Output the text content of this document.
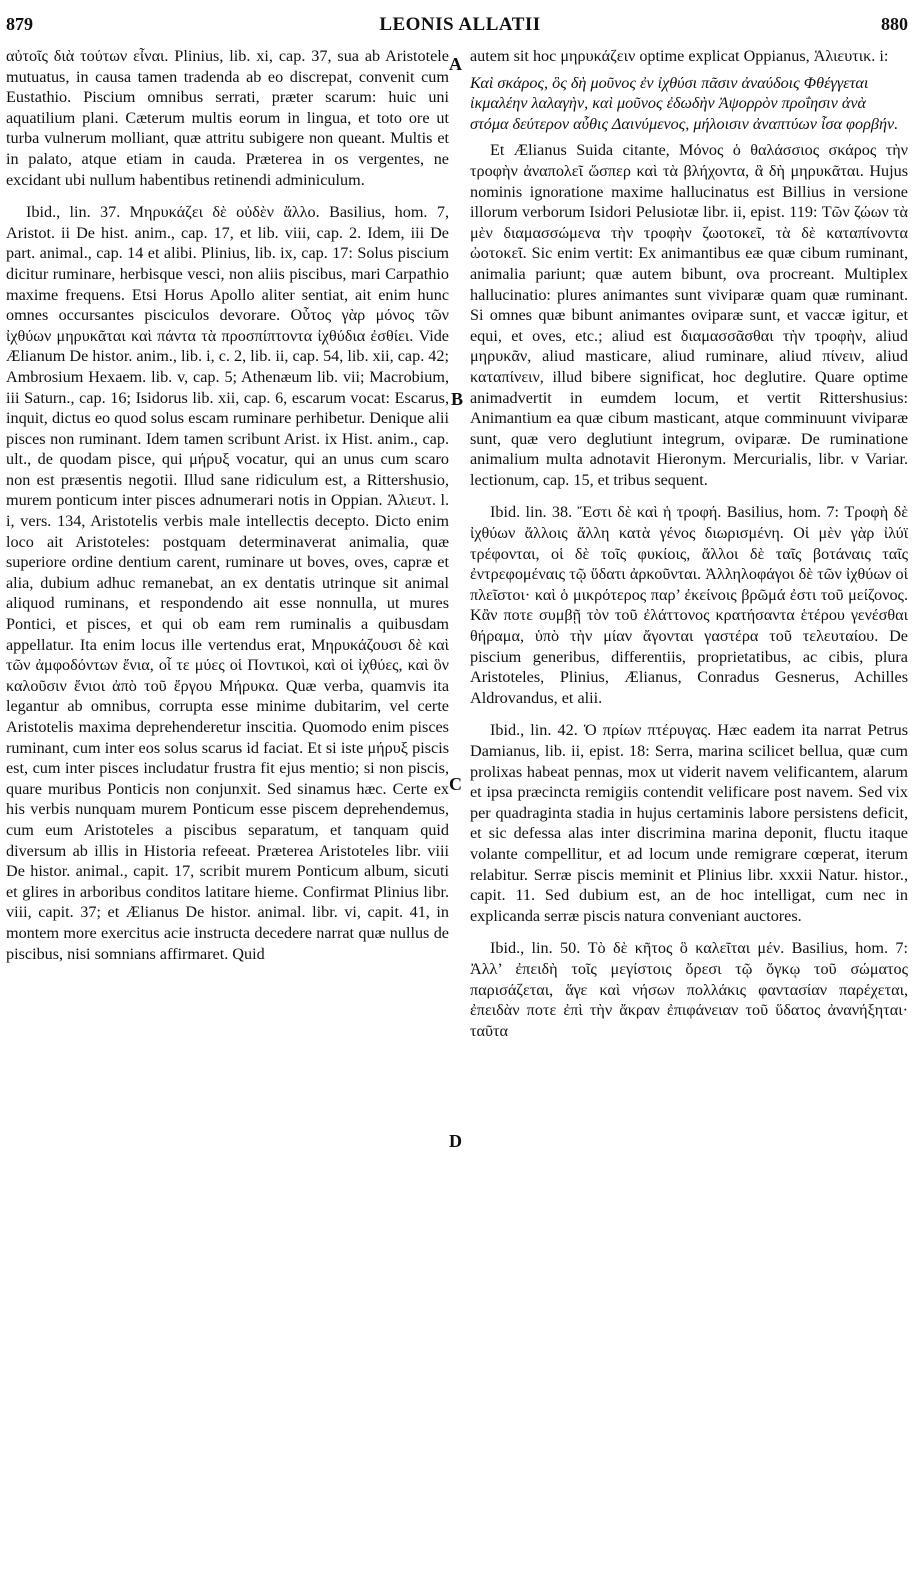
879	LEONIS ALLATII	880
A
B
C
D

αὐτοῖς διὰ τούτων εἶναι. Plinius, lib. xi, cap. 37, sua ab Aristotele mutuatus, in causa tamen tradenda ab eo discrepat, convenit cum Eustathio. Piscium omnibus serrati, præter scarum: huic uni aquatilium plani. Cæterum multis eorum in lingua, et toto ore ut turba vulnerum molliant, quæ attritu subigere non queant. Multis et in palato, atque etiam in cauda. Præterea in os vergentes, ne excidant ubi nullum habentibus retinendi adminiculum.

Ibid., lin. 37. Μηρυκάζει δὲ οὐδὲν ἄλλο. Basilius, hom. 7, Aristot. ii De hist. anim., cap. 17, et lib. viii, cap. 2. Idem, iii De part. animal., cap. 14 et alibi. Plinius, lib. ix, cap. 17: Solus piscium dicitur ruminare, herbisque vesci, non aliis piscibus, mari Carpathio maxime frequens. Etsi Horus Apollo aliter sentiat, ait enim hunc omnes occursantes pisciculos devorare. Οὗτος γὰρ μόνος τῶν ἰχθύων μηρυκᾶται καὶ πάντα τὰ προσπίπτοντα ἰχθύδια ἐσθίει. Vide Ælianum De histor. anim., lib. i, c. 2, lib. ii, cap. 54, lib. xii, cap. 42; Ambrosium Hexaem. lib. v, cap. 5; Athenæum lib. vii; Macrobium, iii Saturn., cap. 16; Isidorus lib. xii, cap. 6, escarum vocat: Escarus, inquit, dictus eo quod solus escam ruminare perhibetur. Denique alii pisces non ruminant. Idem tamen scribunt Arist. ix Hist. anim., cap. ult., de quodam pisce, qui μήρυξ vocatur, qui an unus cum scaro non est præsentis negotii. Illud sane ridiculum est, a Rittershusio, murem ponticum inter pisces adnumerari notis in Oppian. Ἁλιευτ. l. i, vers. 134, Aristotelis verbis male intellectis decepto. Dicto enim loco ait Aristoteles: postquam determinaverat animalia, quæ superiore ordine dentium carent, ruminare ut boves, oves, capræ et alia, dubium adhuc remanebat, an ex dentatis utrinque sit animal aliquod ruminans, et respondendo ait esse nonnulla, ut mures Pontici, et pisces, et qui ob eam rem ruminalis a quibusdam appellatur. Ita enim locus ille vertendus erat, Μηρυκάζουσι δὲ καὶ τῶν ἀμφοδόντων ἔνια, οἷ τε μύες οἱ Ποντικοὶ, καὶ οἱ ἰχθύες, καὶ ὃν καλοῦσιν ἔνιοι ἀπὸ τοῦ ἔργου Μήρυκα. Quæ verba, quamvis ita legantur ab omnibus, corrupta esse minime dubitarim, vel certe Aristotelis maxima deprehenderetur inscitia. Quomodo enim pisces ruminant, cum inter eos solus scarus id faciat. Et si iste μήρυξ piscis est, cum inter pisces includatur frustra fit ejus mentio; si non piscis, quare muribus Ponticis non conjunxit. Sed sinamus hæc. Certe ex his verbis nunquam murem Ponticum esse piscem deprehendemus, cum eum Aristoteles a piscibus separatum, et tanquam quid diversum ab illis in Historia refeeat. Præterea Aristoteles libr. viii De histor. animal., capit. 17, scribit murem Ponticum album, sicuti et glires in arboribus conditos latitare hieme. Confirmat Plinius libr. viii, capit. 37; et Ælianus De histor. animal. libr. vi, capit. 41, in montem more exercitus acie instructa decedere narrat quæ nullus de piscibus, nisi somnians affirmaret. Quid

autem sit hoc μηρυκάζειν optime explicat Oppianus, Ἁλιευτικ. i:

Καὶ σκάρος, ὃς δὴ μοῦνος ἐν ἰχθύσι πᾶσιν ἀναύδοις Φθέγγεται ἰκμαλέην λαλαγὴν, καὶ μοῦνος ἐδωδὴν Ἀψορρὸν προΐησιν ἀνὰ στόμα δεύτερον αὖθις Δαινύμενος, μήλοισιν ἀναπτύων ἶσα φορβήν.

Et Ælianus Suida citante, Μόνος ὁ θαλάσσιος σκάρος τὴν τροφὴν ἀναπολεῖ ὥσπερ καὶ τὰ βλήχοντα, ἃ δὴ μηρυκᾶται. Hujus nominis ignoratione maxime hallucinatus est Billius in versione illorum verborum Isidori Pelusiotæ libr. ii, epist. 119: Τῶν ζώων τὰ μὲν διαμασσώμενα τὴν τροφὴν ζωοτοκεῖ, τὰ δὲ καταπίνοντα ὠοτοκεῖ. Sic enim vertit: Ex animantibus eæ quæ cibum ruminant, animalia pariunt; quæ autem bibunt, ova procreant. Multiplex hallucinatio: plures animantes sunt viviparæ quam quæ ruminant. Si omnes quæ bibunt animantes oviparæ sunt, et vaccæ igitur, et equi, et oves, etc.; aliud est διαμασσᾶσθαι τὴν τροφὴν, aliud μηρυκᾶν, aliud masticare, aliud ruminare, aliud πίνειν, aliud καταπίνειν, illud bibere significat, hoc deglutire. Quare optime animadvertit in eumdem locum, et vertit Rittershusius: Animantium ea quæ cibum masticant, atque comminuunt viviparæ sunt, quæ vero deglutiunt integrum, oviparæ. De ruminatione animalium multa adnotavit Hieronym. Mercurialis, libr. v Variar. lectionum, cap. 15, et tribus sequent.

Ibid. lin. 38. Ἔστι δὲ καὶ ἡ τροφή. Basilius, hom. 7: Τροφὴ δὲ ἰχθύων ἄλλοις ἄλλη κατὰ γένος διωρισμένη. Οἱ μὲν γὰρ ἰλύϊ τρέφονται, οἱ δὲ τοῖς φυκίοις, ἄλλοι δὲ ταῖς βοτάναις ταῖς ἐντρεφομέναις τῷ ὕδατι ἀρκοῦνται. Ἀλληλοφάγοι δὲ τῶν ἰχθύων οἱ πλεῖστοι· καὶ ὁ μικρότερος παρ’ ἐκείνοις βρῶμά ἐστι τοῦ μείζονος. Κἂν ποτε συμβῇ τὸν τοῦ ἐλάττονος κρατήσαντα ἑτέρου γενέσθαι θήραμα, ὑπὸ τὴν μίαν ἄγονται γαστέρα τοῦ τελευταίου. De piscium generibus, differentiis, proprietatibus, ac cibis, plura Aristoteles, Plinius, Ælianus, Conradus Gesnerus, Achilles Aldrovandus, et alii.

Ibid., lin. 42. Ὁ πρίων πτέρυγας. Hæc eadem ita narrat Petrus Damianus, lib. ii, epist. 18: Serra, marina scilicet bellua, quæ cum prolixas habeat pennas, mox ut viderit navem velificantem, alarum et ipsa præcincta remigiis contendit velificare post navem. Sed vix per quadraginta stadia in hujus certaminis labore persistens deficit, et sic defessa alas inter discrimina marina deponit, fluctu itaque volante compellitur, et ad locum unde remigrare cœperat, iterum relabitur. Serræ piscis meminit et Plinius libr. xxxii Natur. histor., capit. 11. Sed dubium est, an de hoc intelligat, cum nec in explicanda serræ piscis natura conveniant auctores.

Ibid., lin. 50. Τὸ δὲ κῆτος ὃ καλεῖται μέν. Basilius, hom. 7: Ἀλλ’ ἐπειδὴ τοῖς μεγίστοις ὄρεσι τῷ ὄγκῳ τοῦ σώματος παρισάζεται, ἅγε καὶ νήσων πολλάκις φαντασίαν παρέχεται, ἐπειδὰν ποτε ἐπὶ τὴν ἄκραν ἐπιφάνειαν τοῦ ὕδατος ἀνανήξηται· ταῦτα
